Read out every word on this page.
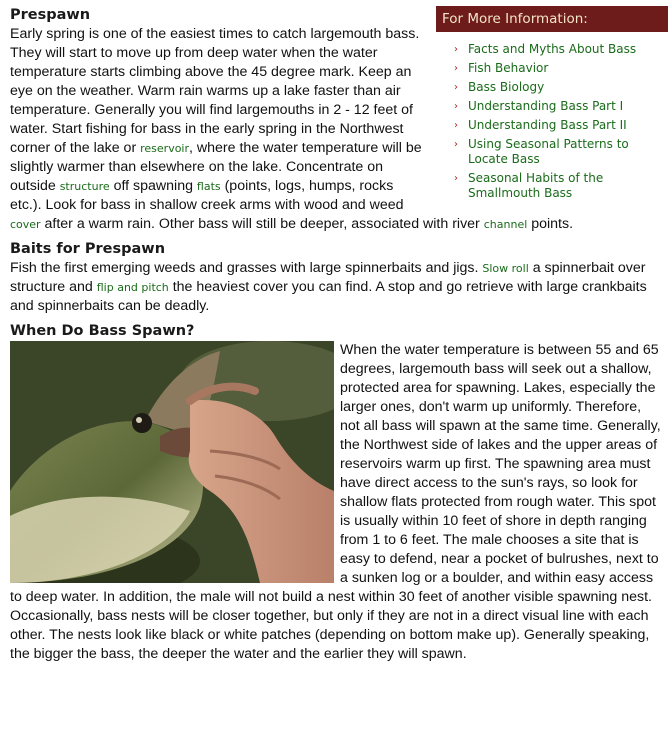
For More Information:
› Facts and Myths About Bass
› Fish Behavior
› Bass Biology
› Understanding Bass Part I
› Understanding Bass Part II
› Using Seasonal Patterns to Locate Bass
› Seasonal Habits of the Smallmouth Bass
Prespawn

Early spring is one of the easiest times to catch largemouth bass. They will start to move up from deep water when the water temperature starts climbing above the 45 degree mark. Keep an eye on the weather. Warm rain warms up a lake faster than air temperature. Generally you will find largemouths in 2 - 12 feet of water. Start fishing for bass in the early spring in the Northwest corner of the lake or reservoir, where the water temperature will be slightly warmer than elsewhere on the lake. Concentrate on outside structure off spawning flats (points, logs, humps, rocks etc.). Look for bass in shallow creek arms with wood and weed cover after a warm rain. Other bass will still be deeper, associated with river channel points.

Baits for Prespawn

Fish the first emerging weeds and grasses with large spinnerbaits and jigs. Slow roll a spinnerbait over structure and flip and pitch the heaviest cover you can find. A stop and go retrieve with large crankbaits and spinnerbaits can be deadly.

When Do Bass Spawn?

When the water temperature is between 55 and 65 degrees, largemouth bass will seek out a shallow, protected area for spawning. Lakes, especially the larger ones, don't warm up uniformly. Therefore, not all bass will spawn at the same time. Generally, the Northwest side of lakes and the upper areas of reservoirs warm up first. The spawning area must have direct access to the sun's rays, so look for shallow flats protected from rough water. This spot is usually within 10 feet of shore in depth ranging from 1 to 6 feet. The male chooses a site that is easy to defend, near a pocket of bulrushes, next to a sunken log or a boulder, and within easy access to deep water. In addition, the male will not build a nest within 30 feet of another visible spawning nest. Occasionally, bass nests will be closer together, but only if they are not in a direct visual line with each other. The nests look like black or white patches (depending on bottom make up). Generally speaking, the bigger the bass, the deeper the water and the earlier they will spawn.
